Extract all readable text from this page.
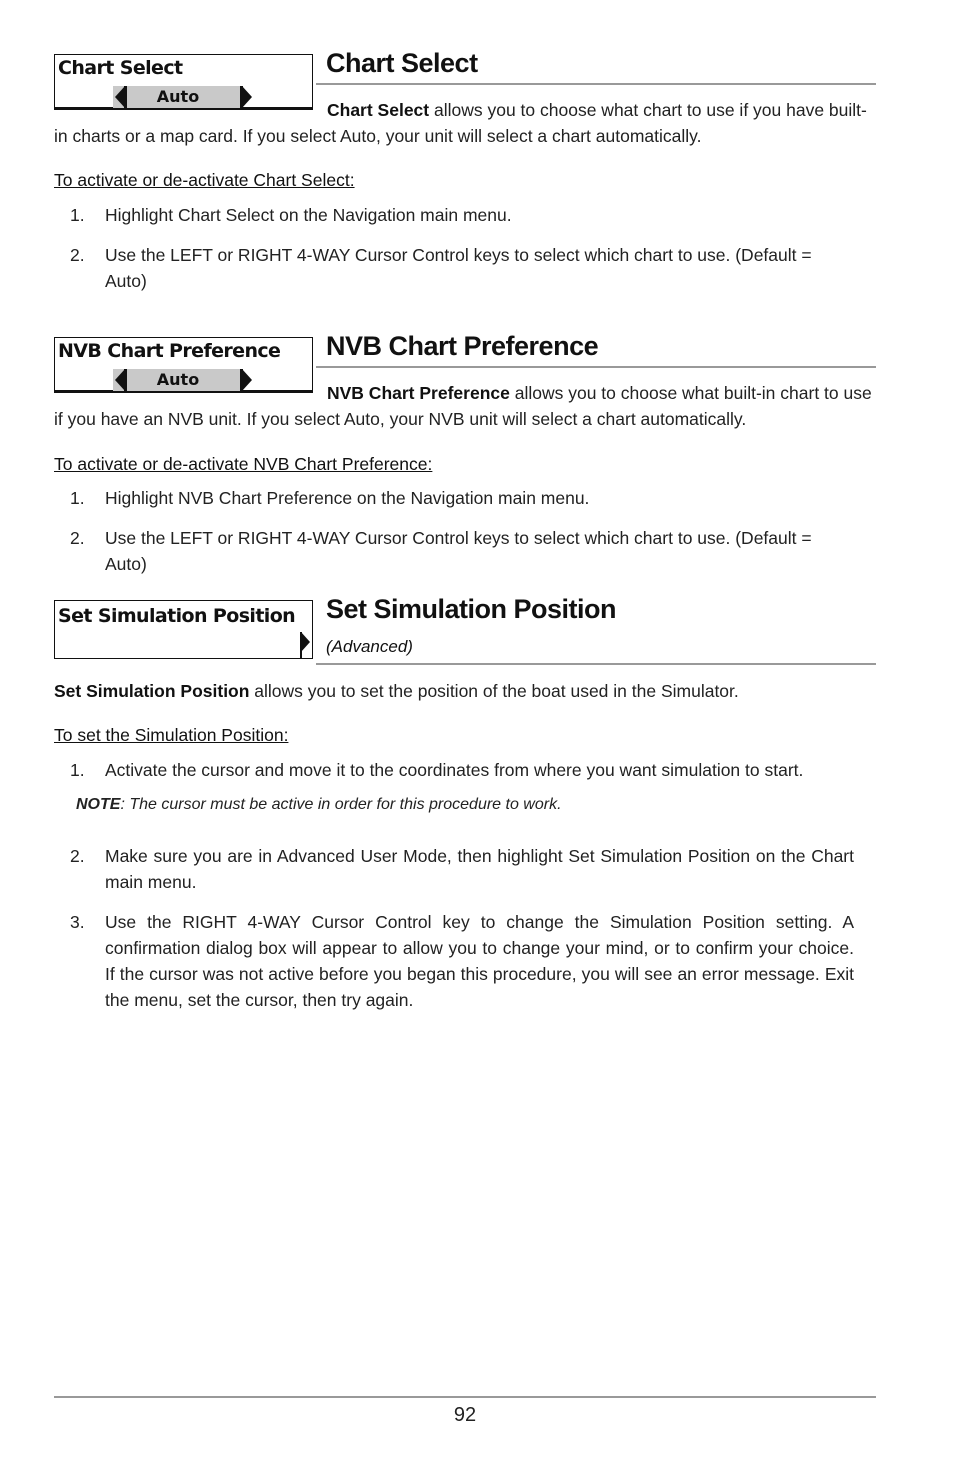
Chart Select
Auto
Chart Select
Chart Select allows you to choose what chart to use if you have built-in charts or a map card. If you select Auto, your unit will select a chart automatically.
To activate or de-activate Chart Select:
1. Highlight Chart Select on the Navigation main menu.
2. Use the LEFT or RIGHT 4-WAY Cursor Control keys to select which chart to use. (Default = Auto)
NVB Chart Preference
Auto
NVB Chart Preference
NVB Chart Preference allows you to choose what built-in chart to use if you have an NVB unit. If you select Auto, your NVB unit will select a chart automatically.
To activate or de-activate NVB Chart Preference:
1. Highlight NVB Chart Preference on the Navigation main menu.
2. Use the LEFT or RIGHT 4-WAY Cursor Control keys to select which chart to use. (Default = Auto)
Set Simulation Position Set Simulation Position
(Advanced)
Set Simulation Position allows you to set the position of the boat used in the Simulator.
To set the Simulation Position:
1. Activate the cursor and move it to the coordinates from where you want simulation to start.
NOTE: The cursor must be active in order for this procedure to work.
2. Make sure you are in Advanced User Mode, then highlight Set Simulation Position on the Chart main menu.
3. Use the RIGHT 4-WAY Cursor Control key to change the Simulation Position setting. A confirmation dialog box will appear to allow you to change your mind, or to confirm your choice. If the cursor was not active before you began this procedure, you will see an error message. Exit the menu, set the cursor, then try again.
92
